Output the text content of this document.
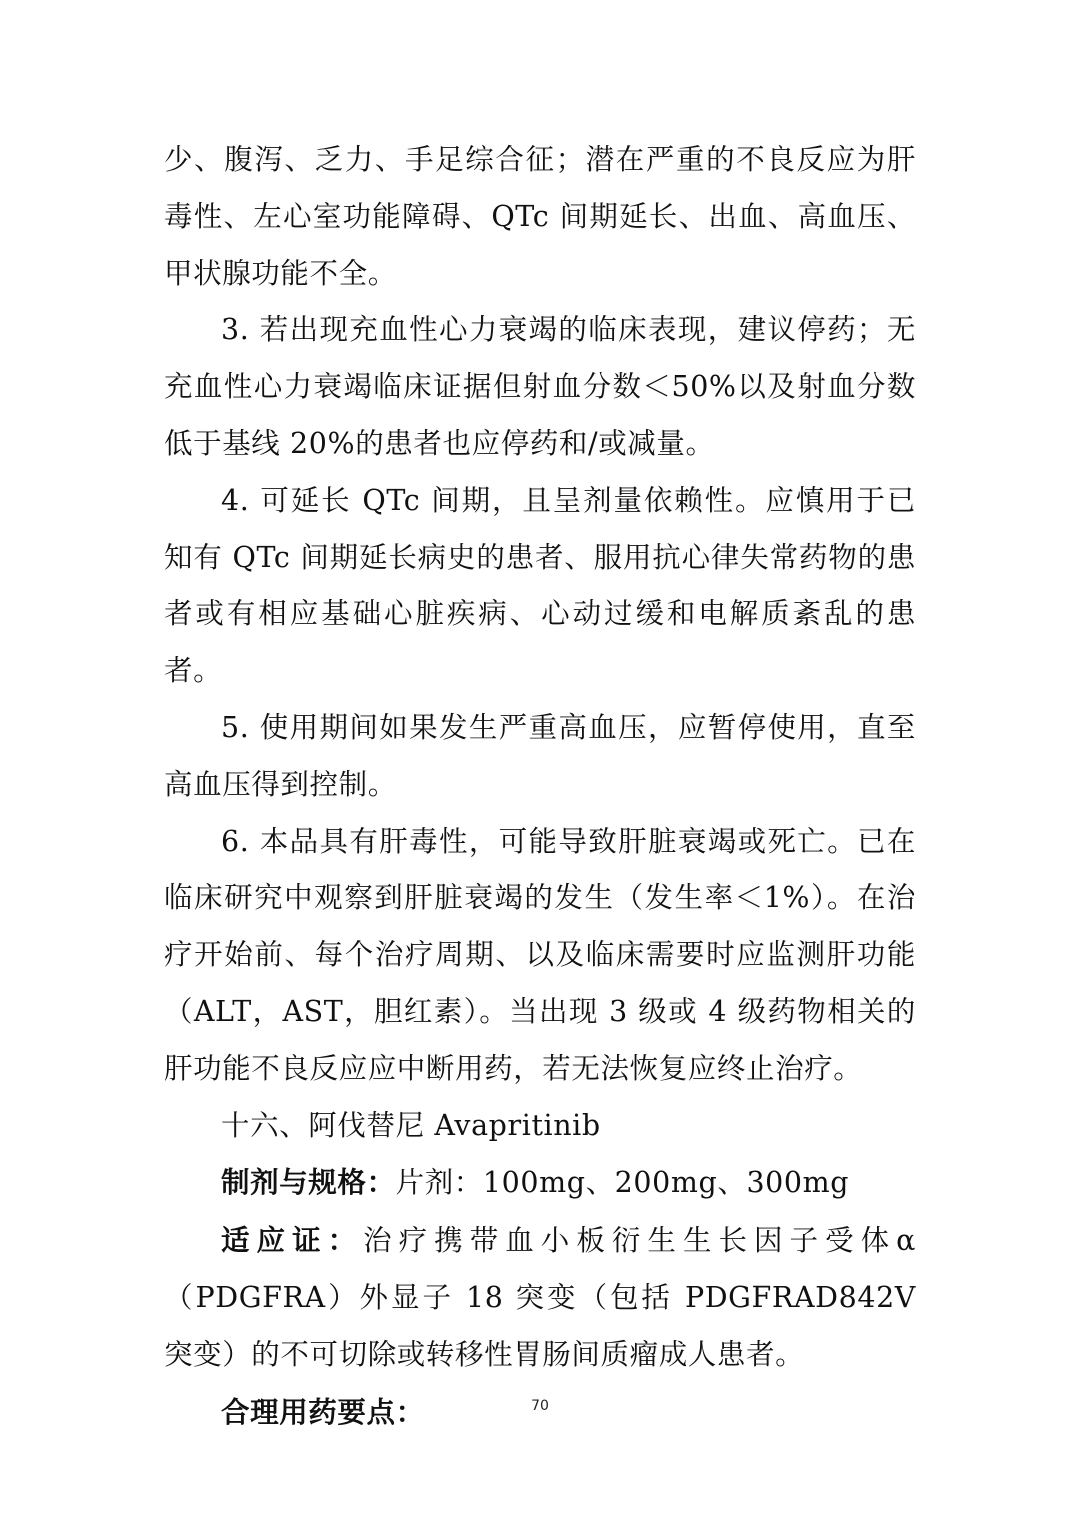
少、腹泻、乏力、手足综合征；潜在严重的不良反应为肝毒性、左心室功能障碍、QTc 间期延长、出血、高血压、甲状腺功能不全。

3. 若出现充血性心力衰竭的临床表现，建议停药；无充血性心力衰竭临床证据但射血分数＜50%以及射血分数低于基线 20%的患者也应停药和/或减量。

4. 可延长 QTc 间期，且呈剂量依赖性。应慎用于已知有 QTc 间期延长病史的患者、服用抗心律失常药物的患者或有相应基础心脏疾病、心动过缓和电解质紊乱的患者。

5. 使用期间如果发生严重高血压，应暂停使用，直至高血压得到控制。

6. 本品具有肝毒性，可能导致肝脏衰竭或死亡。已在临床研究中观察到肝脏衰竭的发生（发生率＜1%）。在治疗开始前、每个治疗周期、以及临床需要时应监测肝功能（ALT，AST，胆红素）。当出现 3 级或 4 级药物相关的肝功能不良反应应中断用药，若无法恢复应终止治疗。

十六、阿伐替尼 Avapritinib

制剂与规格：片剂：100mg、200mg、300mg

适应证：治疗携带血小板衍生生长因子受体α（PDGFRA）外显子 18 突变（包括 PDGFRAD842V 突变）的不可切除或转移性胃肠间质瘤成人患者。

合理用药要点：	70
